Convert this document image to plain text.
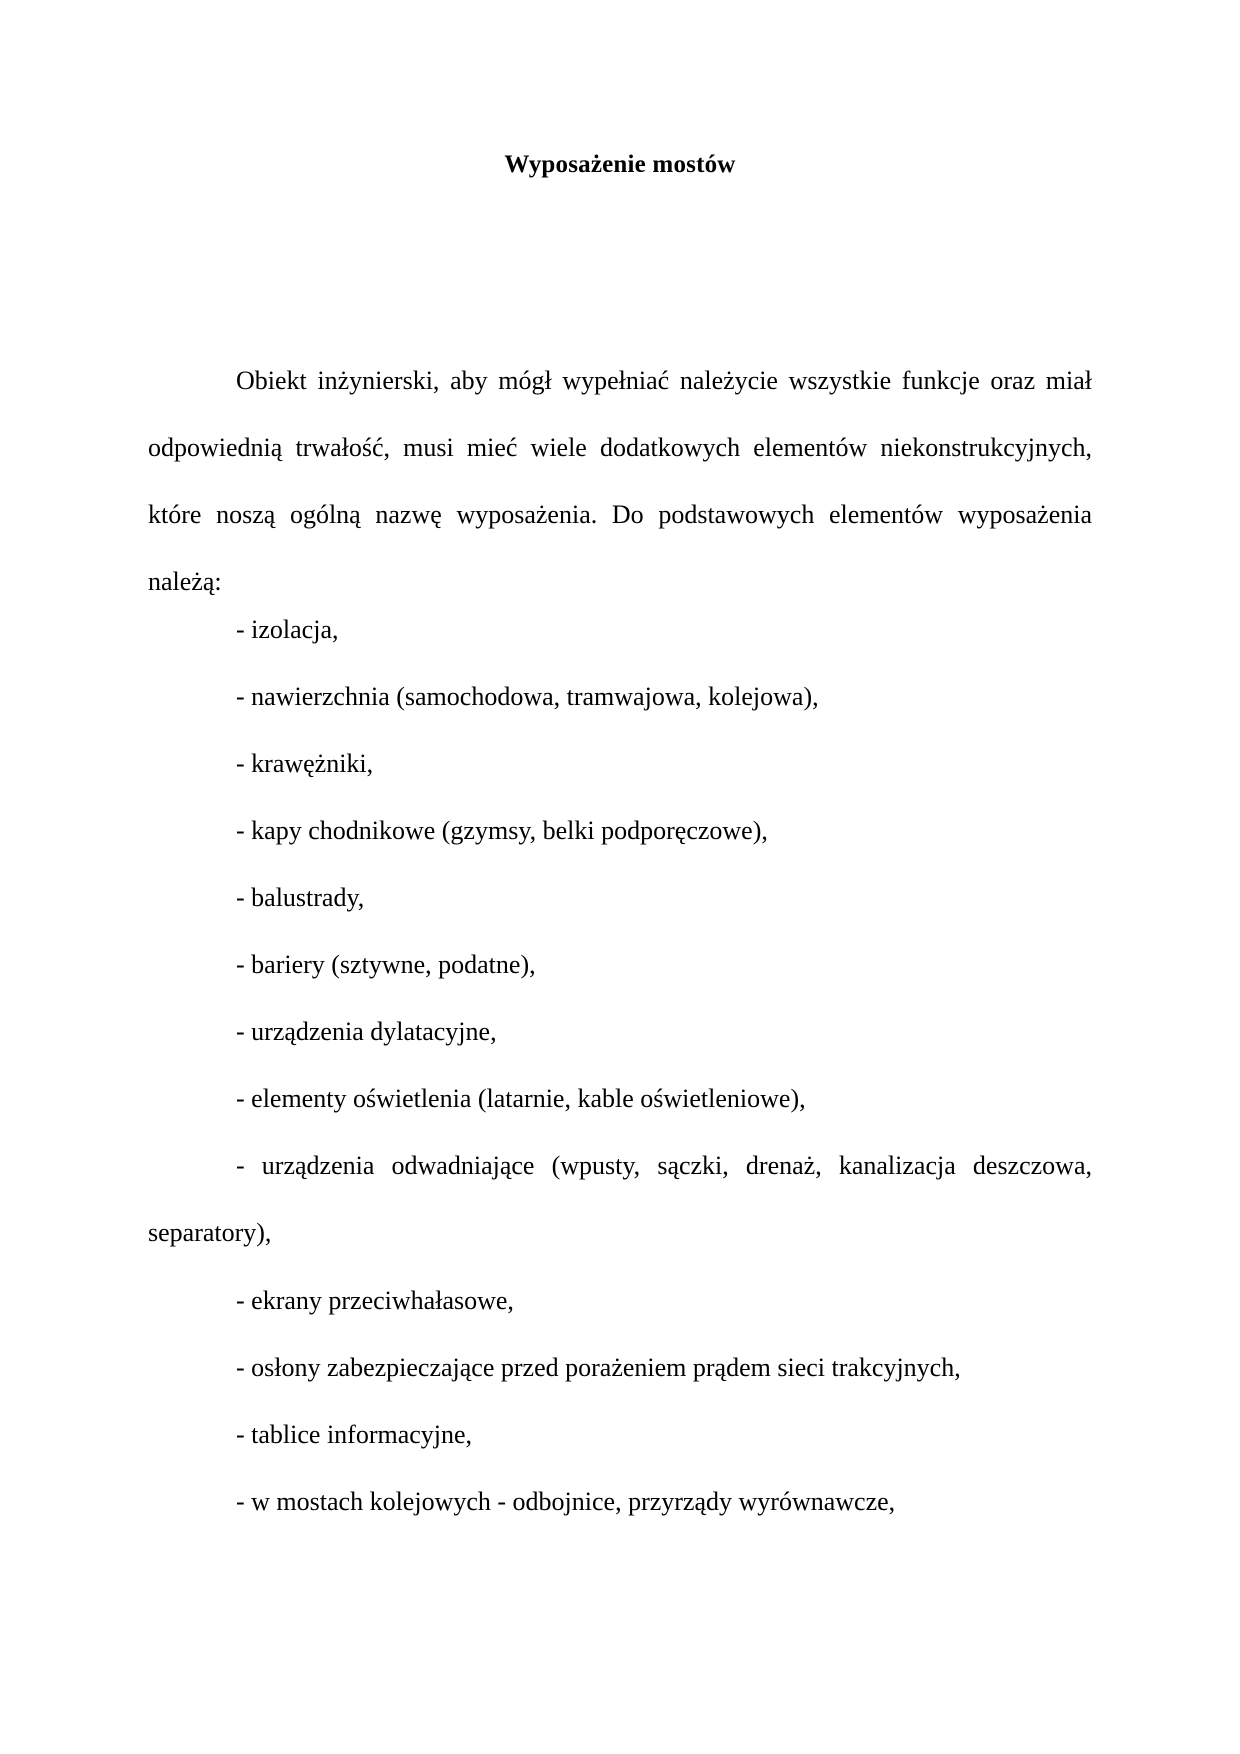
Wyposażenie mostów

Obiekt inżynierski, aby mógł wypełniać należycie wszystkie funkcje oraz miał odpowiednią trwałość, musi mieć wiele dodatkowych elementów niekonstrukcyjnych, które noszą ogólną nazwę wyposażenia. Do podstawowych elementów wyposażenia należą:

- izolacja,
- nawierzchnia (samochodowa, tramwajowa, kolejowa),
- krawężniki,
- kapy chodnikowe (gzymsy, belki podporęczowe),
- balustrady,
- bariery (sztywne, podatne),
- urządzenia dylatacyjne,
- elementy oświetlenia (latarnie, kable oświetleniowe),

- urządzenia odwadniające (wpusty, sączki, drenaż, kanalizacja deszczowa, separatory),

- ekrany przeciwhałasowe,
- osłony zabezpieczające przed porażeniem prądem sieci trakcyjnych,
- tablice informacyjne,
- w mostach kolejowych - odbojnice, przyrządy wyrównawcze,
